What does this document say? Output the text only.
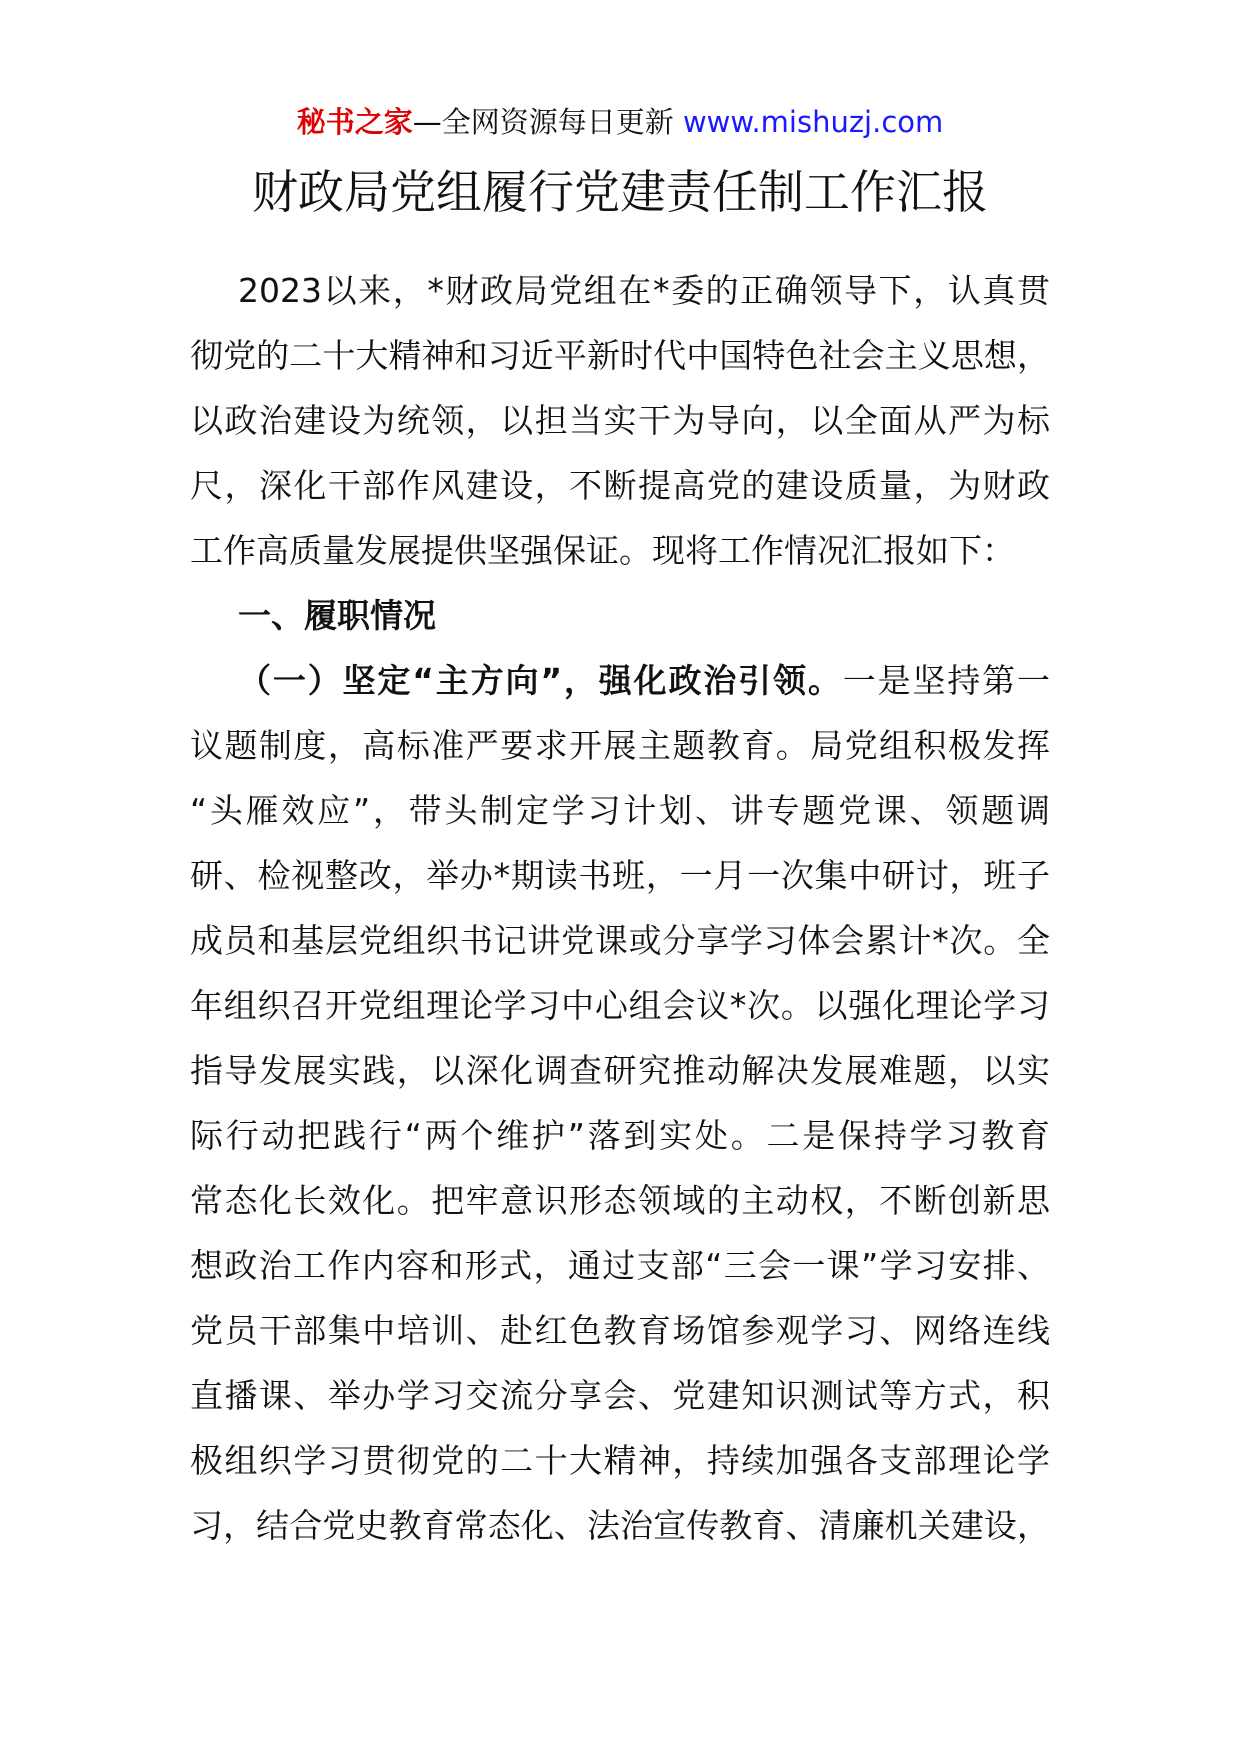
秘书之家—全网资源每日更新 www.mishuzj.com
财政局党组履行党建责任制工作汇报
2023以来，*财政局党组在*委的正确领导下，认真贯
彻党的二十大精神和习近平新时代中国特色社会主义思想，
以政治建设为统领，以担当实干为导向，以全面从严为标
尺，深化干部作风建设，不断提高党的建设质量，为财政
工作高质量发展提供坚强保证。现将工作情况汇报如下：
一、履职情况
（一）坚定“主方向”，强化政治引领。一是坚持第一
议题制度，高标准严要求开展主题教育。局党组积极发挥
“头雁效应”，带头制定学习计划、讲专题党课、领题调
研、检视整改，举办*期读书班，一月一次集中研讨，班子
成员和基层党组织书记讲党课或分享学习体会累计*次。全
年组织召开党组理论学习中心组会议*次。以强化理论学习
指导发展实践，以深化调查研究推动解决发展难题，以实
际行动把践行“两个维护”落到实处。二是保持学习教育
常态化长效化。把牢意识形态领域的主动权，不断创新思
想政治工作内容和形式，通过支部“三会一课”学习安排、
党员干部集中培训、赴红色教育场馆参观学习、网络连线
直播课、举办学习交流分享会、党建知识测试等方式，积
极组织学习贯彻党的二十大精神，持续加强各支部理论学
习，结合党史教育常态化、法治宣传教育、清廉机关建设，
